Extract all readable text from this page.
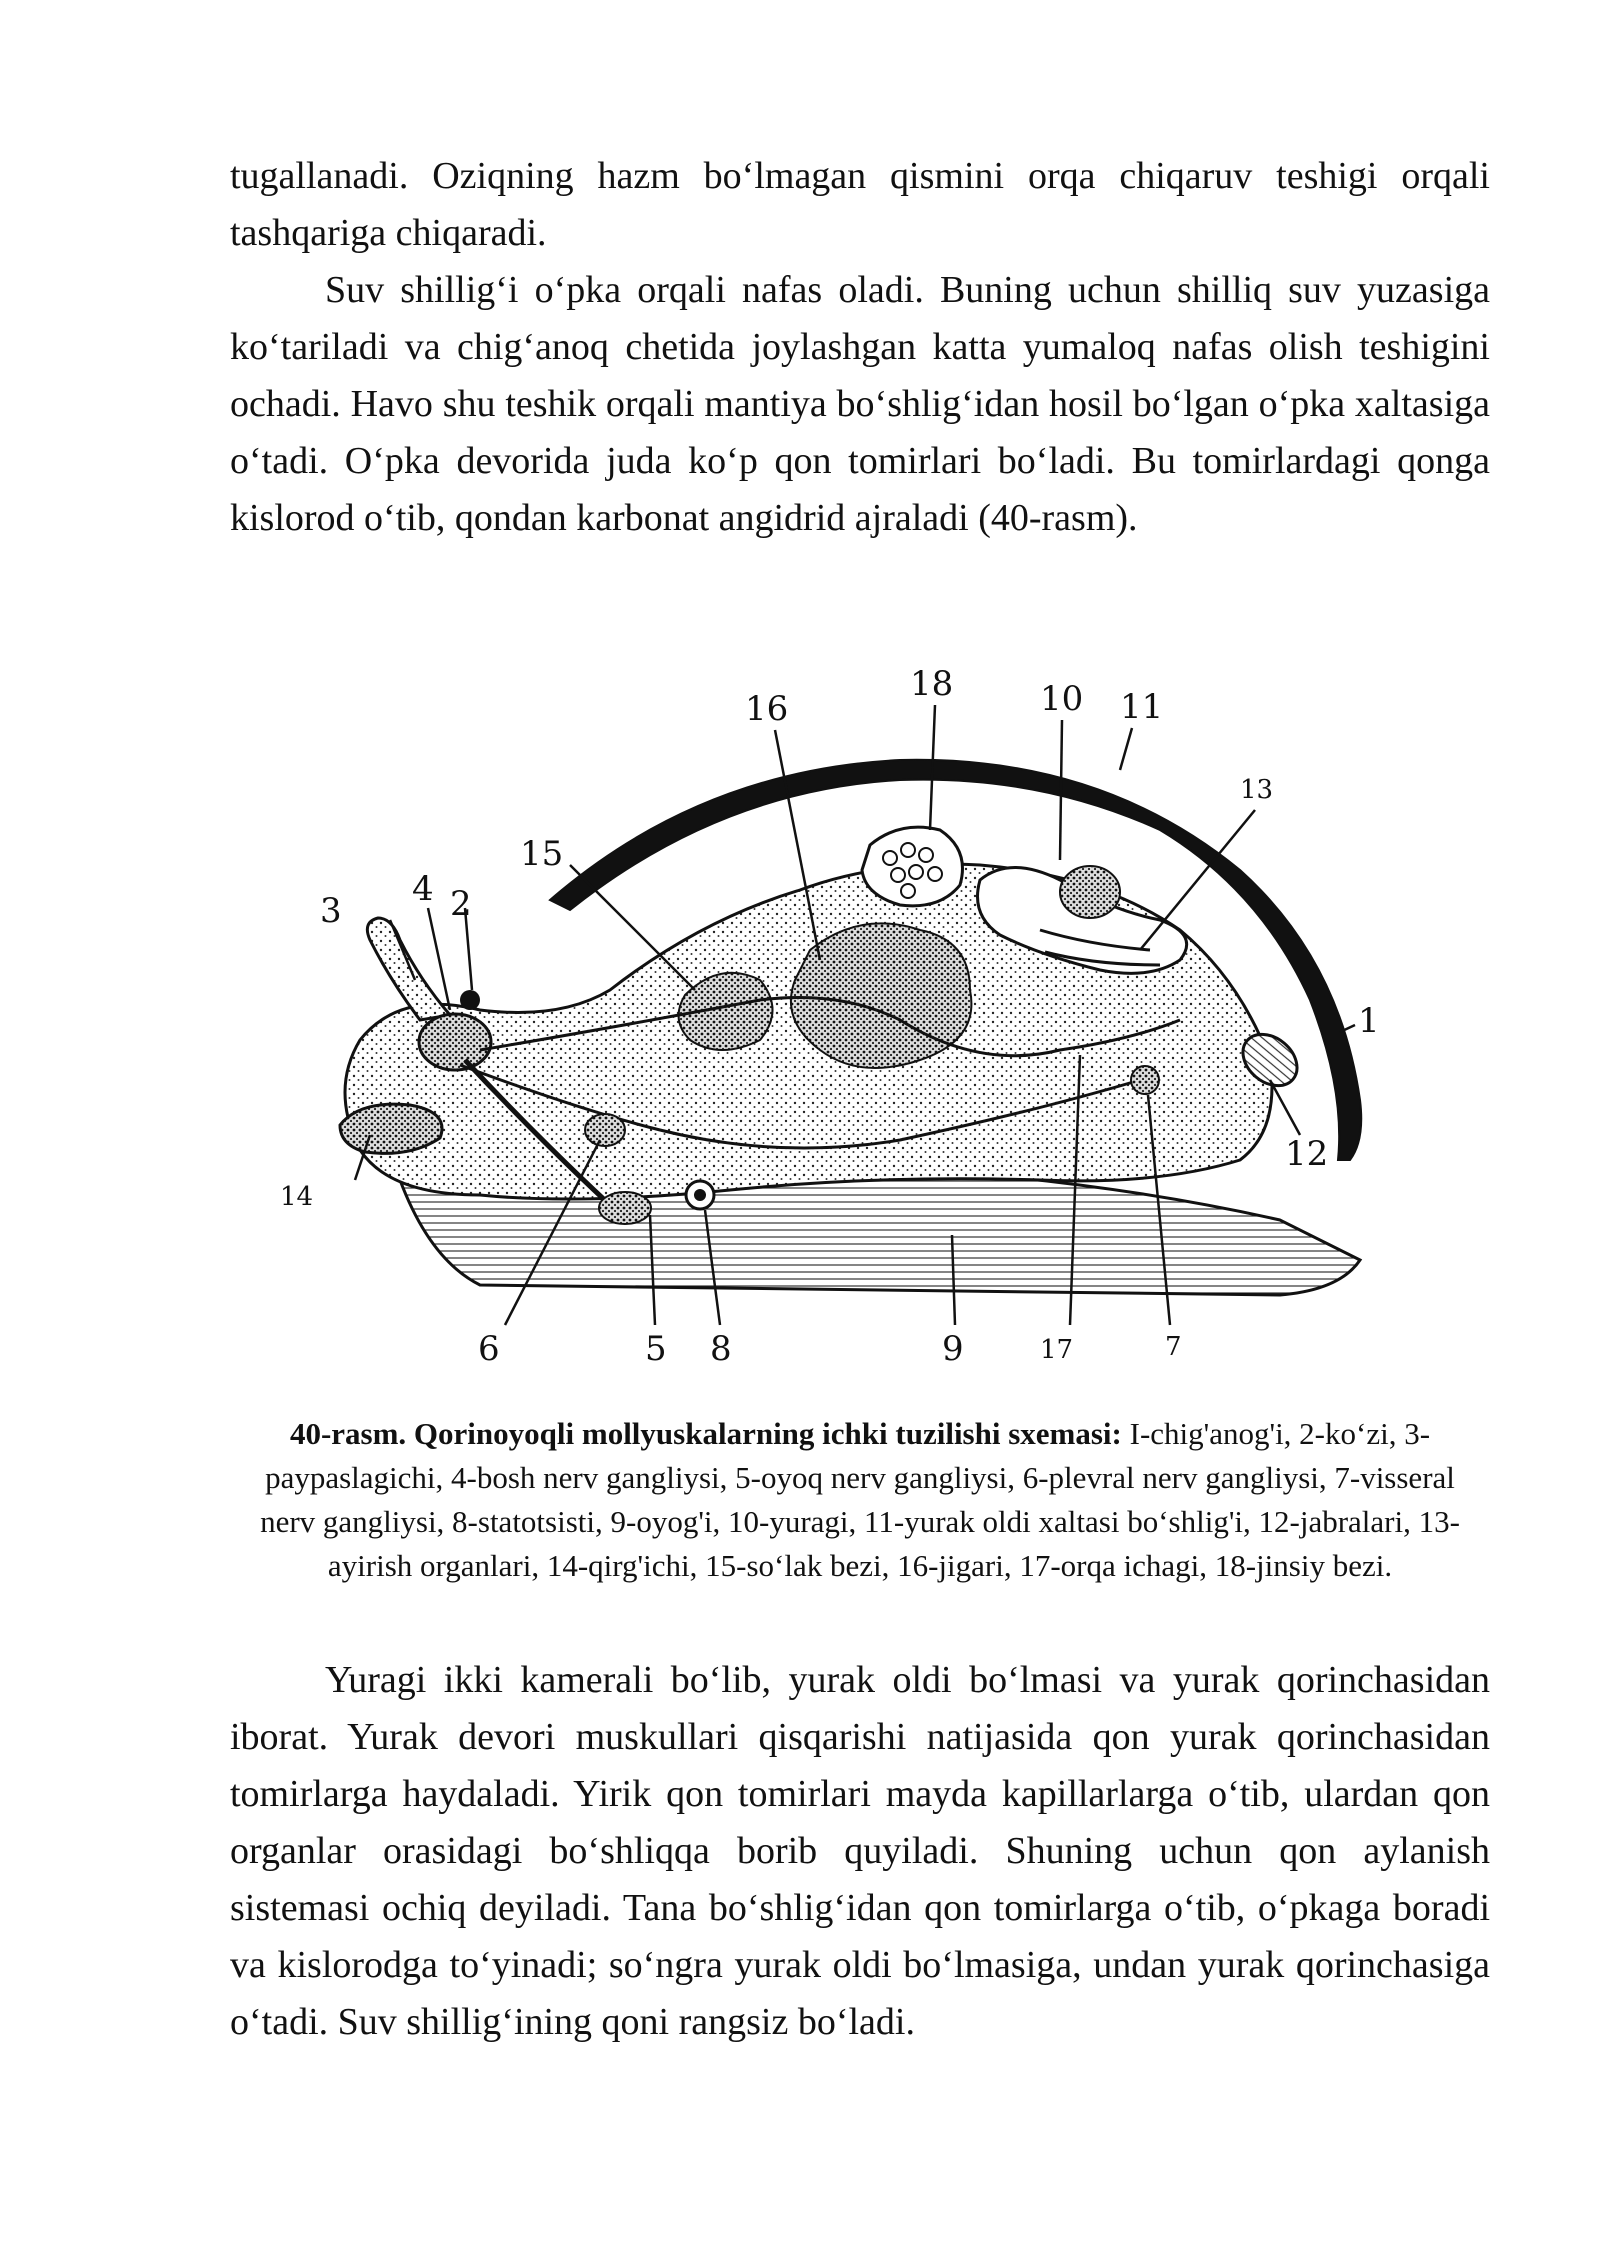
tugallanadi. Oziqning hazm bo‘lmagan qismini orqa chiqaruv teshigi orqali tashqariga chiqaradi.

Suv shillig‘i o‘pka orqali nafas oladi. Buning uchun shilliq suv yuzasiga ko‘tariladi va chig‘anoq chetida joylashgan katta yumaloq nafas olish teshigini ochadi. Havo shu teshik orqali mantiya bo‘shlig‘idan hosil bo‘lgan o‘pka xaltasiga o‘tadi. O‘pka devorida juda ko‘p qon tomirlari bo‘ladi. Bu tomirlardagi qonga kislorod o‘tib, qondan karbonat angidrid ajraladi (40-rasm).

16
18	10 11
13
15
3
4 2
1
12
14
6	5 8	9	17	7

40-rasm. Qorinoyoqli mollyuskalarning ichki tuzilishi sxemasi: I-chig'anog'i, 2-ko‘zi, 3-paypaslagichi, 4-bosh nerv gangliysi, 5-oyoq nerv gangliysi, 6-plevral nerv gangliysi, 7-visseral nerv gangliysi, 8-statotsisti, 9-oyog'i, 10-yuragi, 11-yurak oldi xaltasi bo‘shlig'i, 12-jabralari, 13-ayirish organlari, 14-qirg'ichi, 15-so‘lak bezi, 16-jigari, 17-orqa ichagi, 18-jinsiy bezi.

Yuragi ikki kamerali bo‘lib, yurak oldi bo‘lmasi va yurak qorinchasidan iborat. Yurak devori muskullari qisqarishi natijasida qon yurak qorinchasidan tomirlarga haydaladi. Yirik qon tomirlari mayda kapillarlarga o‘tib, ulardan qon organlar orasidagi bo‘shliqqa borib quyiladi. Shuning uchun qon aylanish sistemasi ochiq deyiladi. Tana bo‘shlig‘idan qon tomirlarga o‘tib, o‘pkaga boradi va kislorodga to‘yinadi; so‘ngra yurak oldi bo‘lmasiga, undan yurak qorinchasiga o‘tadi. Suv shillig‘ining qoni rangsiz bo‘ladi.
